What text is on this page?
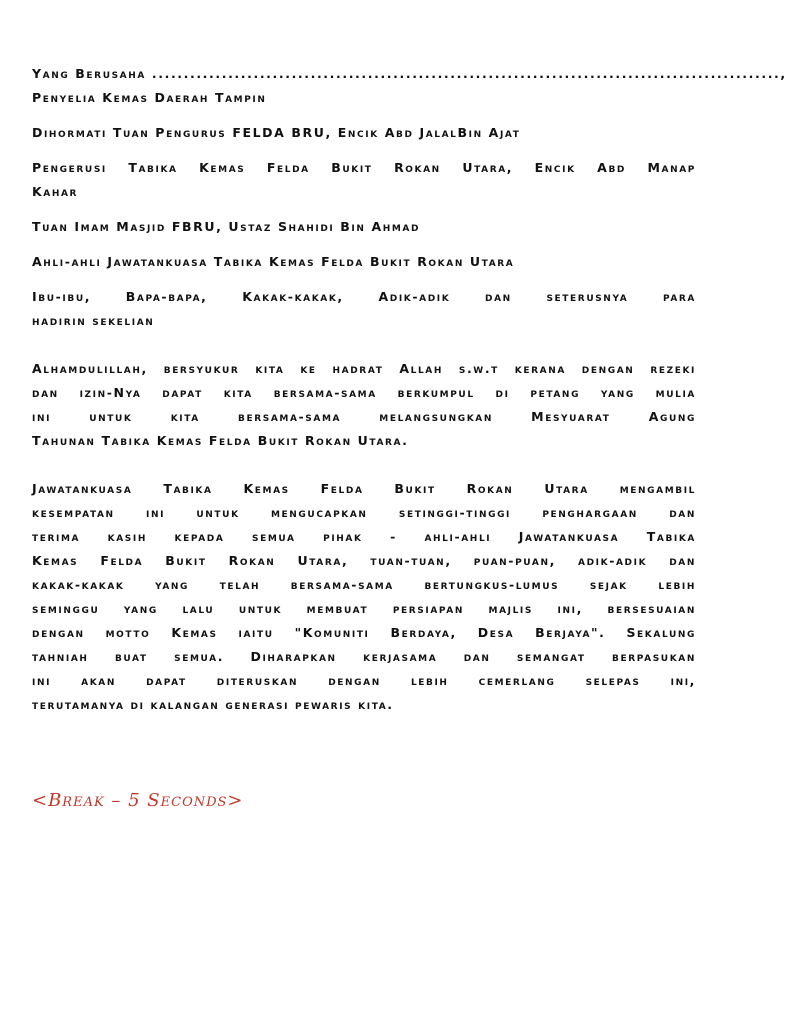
Yang Berusaha ...................................................................................................,

Penyelia Kemas Daerah Tampin

Dihormati Tuan Pengurus FELDA BRU, Encik Abd JalalBin Ajat

Pengerusi Tabika Kemas Felda Bukit Rokan Utara, Encik Abd Manap

Kahar

Tuan Imam Masjid FBRU, Ustaz Shahidi Bin Ahmad

Ahli-ahli Jawatankuasa Tabika Kemas Felda Bukit Rokan Utara

Ibu-ibu, Bapa-bapa, Kakak-kakak, Adik-adik dan seterusnya para

hadirin sekelian

Alhamdulillah, bersyukur kita ke hadrat Allah s.w.t kerana dengan rezeki

dan izin-Nya dapat kita bersama-sama berkumpul di petang yang mulia

ini untuk kita bersama-sama melangsungkan Mesyuarat Agung

Tahunan Tabika Kemas Felda Bukit Rokan Utara.

Jawatankuasa Tabika Kemas Felda Bukit Rokan Utara mengambil

kesempatan ini untuk mengucapkan setinggi-tinggi penghargaan dan

terima kasih kepada semua pihak - ahli-ahli Jawatankuasa Tabika

Kemas Felda Bukit Rokan Utara, tuan-tuan, puan-puan, adik-adik dan

kakak-kakak yang telah bersama-sama bertungkus-lumus sejak lebih

seminggu yang lalu untuk membuat persiapan majlis ini, bersesuaian

dengan motto Kemas iaitu "Komuniti Berdaya, Desa Berjaya". Sekalung

tahniah buat semua. Diharapkan kerjasama dan semangat berpasukan

ini akan dapat diteruskan dengan lebih cemerlang selepas ini,

terutamanya di kalangan generasi pewaris kita.

<Break – 5 Seconds>
